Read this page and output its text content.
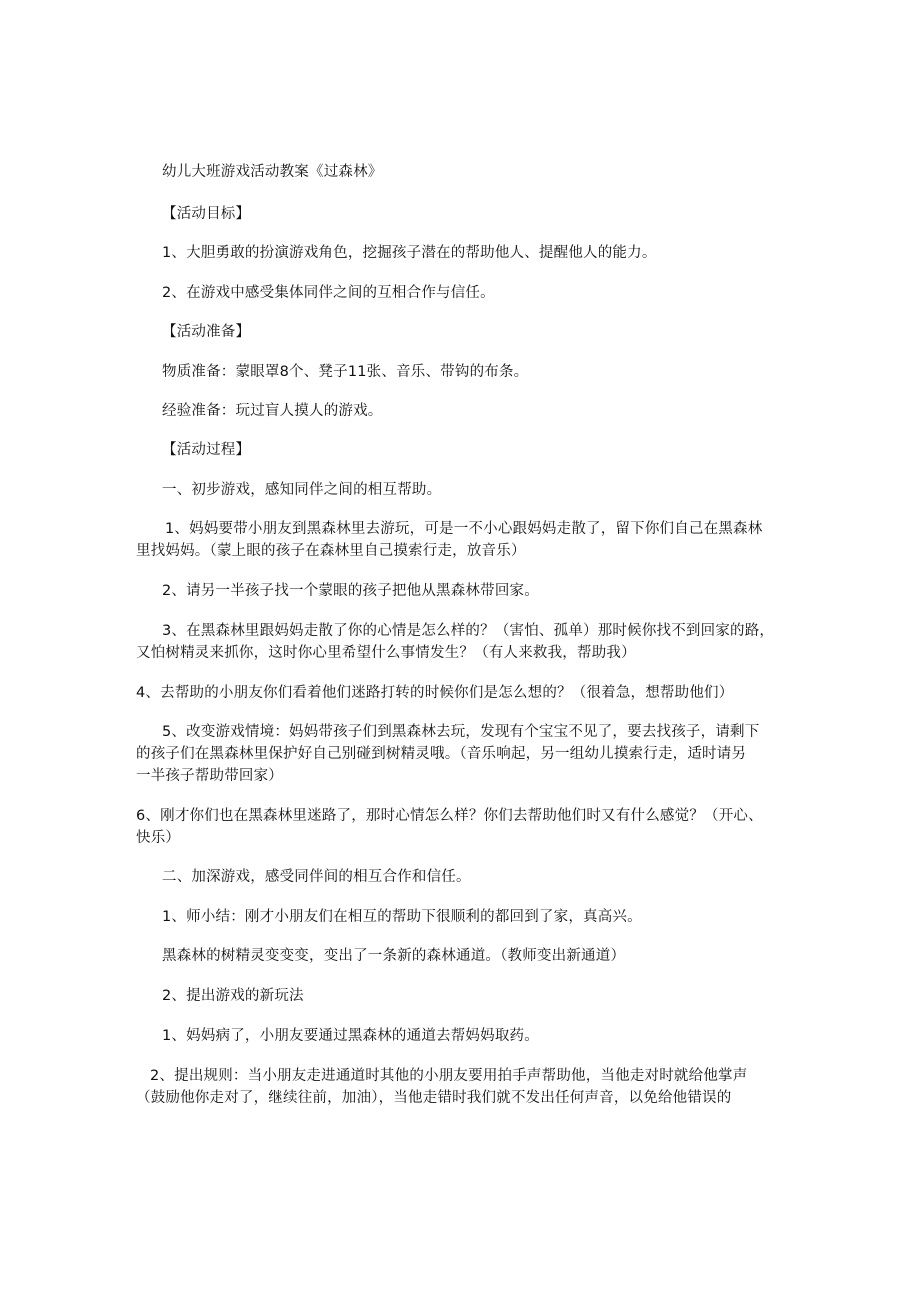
幼儿大班游戏活动教案《过森林》
【活动目标】
1、大胆勇敢的扮演游戏角色，挖掘孩子潜在的帮助他人、提醒他人的能力。
2、在游戏中感受集体同伴之间的互相合作与信任。
【活动准备】
物质准备：蒙眼罩8个、凳子11张、音乐、带钩的布条。
经验准备：玩过盲人摸人的游戏。
【活动过程】
一、初步游戏，感知同伴之间的相互帮助。
1、妈妈要带小朋友到黑森林里去游玩，可是一不小心跟妈妈走散了，留下你们自己在黑森林
里找妈妈。（蒙上眼的孩子在森林里自己摸索行走，放音乐）
2、请另一半孩子找一个蒙眼的孩子把他从黑森林带回家。
3、在黑森林里跟妈妈走散了你的心情是怎么样的？（害怕、孤单）那时候你找不到回家的路，
又怕树精灵来抓你，这时你心里希望什么事情发生？（有人来救我，帮助我）
4、去帮助的小朋友你们看着他们迷路打转的时候你们是怎么想的？（很着急，想帮助他们）
5、改变游戏情境：妈妈带孩子们到黑森林去玩，发现有个宝宝不见了，要去找孩子，请剩下
的孩子们在黑森林里保护好自己别碰到树精灵哦。（音乐响起，另一组幼儿摸索行走，适时请另
一半孩子帮助带回家）
6、刚才你们也在黑森林里迷路了，那时心情怎么样？你们去帮助他们时又有什么感觉？（开心、
快乐）
二、加深游戏，感受同伴间的相互合作和信任。
1、师小结：刚才小朋友们在相互的帮助下很顺利的都回到了家，真高兴。
黑森林的树精灵变变变，变出了一条新的森林通道。（教师变出新通道）
2、提出游戏的新玩法
1、妈妈病了，小朋友要通过黑森林的通道去帮妈妈取药。
2、提出规则：当小朋友走进通道时其他的小朋友要用拍手声帮助他，当他走对时就给他掌声
（鼓励他你走对了，继续往前，加油），当他走错时我们就不发出任何声音，以免给他错误的
